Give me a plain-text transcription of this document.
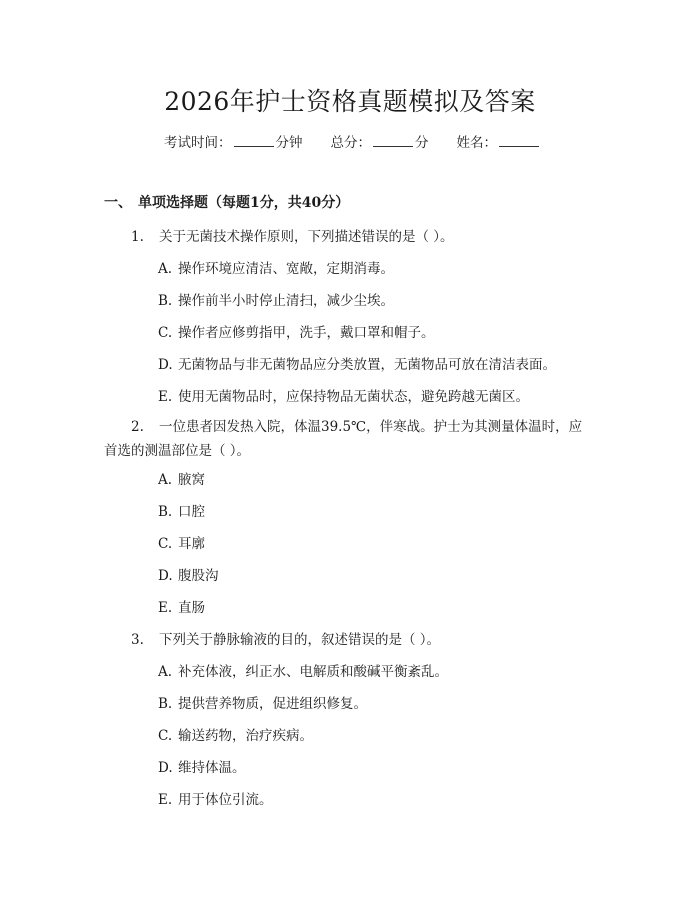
2026年护士资格真题模拟及答案
考试时间：	分钟 总分：	分 姓名：
一、 单项选择题（每题1分，共40分）
1. 关于无菌技术操作原则，下列描述错误的是（ ）。
A. 操作环境应清洁、宽敞，定期消毒。
B. 操作前半小时停止清扫，减少尘埃。
C. 操作者应修剪指甲，洗手，戴口罩和帽子。
D. 无菌物品与非无菌物品应分类放置，无菌物品可放在清洁表面。
E. 使用无菌物品时，应保持物品无菌状态，避免跨越无菌区。
2. 一位患者因发热入院，体温39.5℃，伴寒战。护士为其测量体温时，应
首选的测温部位是（ ）。
A. 腋窝
B. 口腔
C. 耳廓
D. 腹股沟
E. 直肠
3. 下列关于静脉输液的目的，叙述错误的是（ ）。
A. 补充体液，纠正水、电解质和酸碱平衡紊乱。
B. 提供营养物质，促进组织修复。
C. 输送药物，治疗疾病。
D. 维持体温。
E. 用于体位引流。
